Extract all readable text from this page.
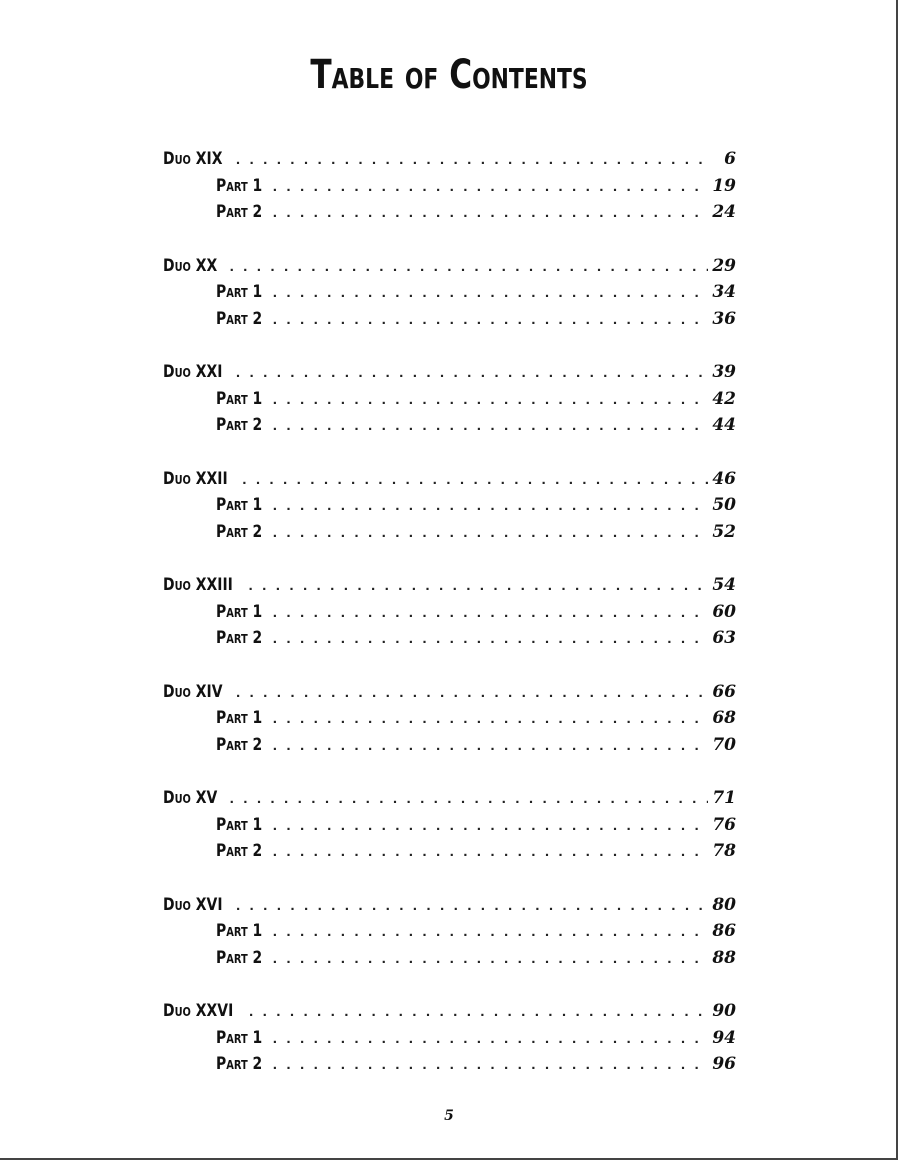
Table of Contents
Duo XIX . . .	6
Part 1 . . .	19
Part 2 . . .	24
Duo XX . . .	29
Part 1 . . .	34
Part 2 . . .	36
Duo XXI . . .	39
Part 1 . . .	42
Part 2 . . .	44
Duo XXII . . .	46
Part 1 . . .	50
Part 2 . . .	52
Duo XXIII . . .	54
Part 1 . . .	60
Part 2 . . .	63
Duo XIV . . .	66
Part 1 . . .	68
Part 2 . . .	70
Duo XV . . .	71
Part 1 . . .	76
Part 2 . . .	78
Duo XVI . . .	80
Part 1 . . .	86
Part 2 . . .	88
Duo XXVI . . .	90
Part 1 . . .	94
Part 2 . . .	96
5
